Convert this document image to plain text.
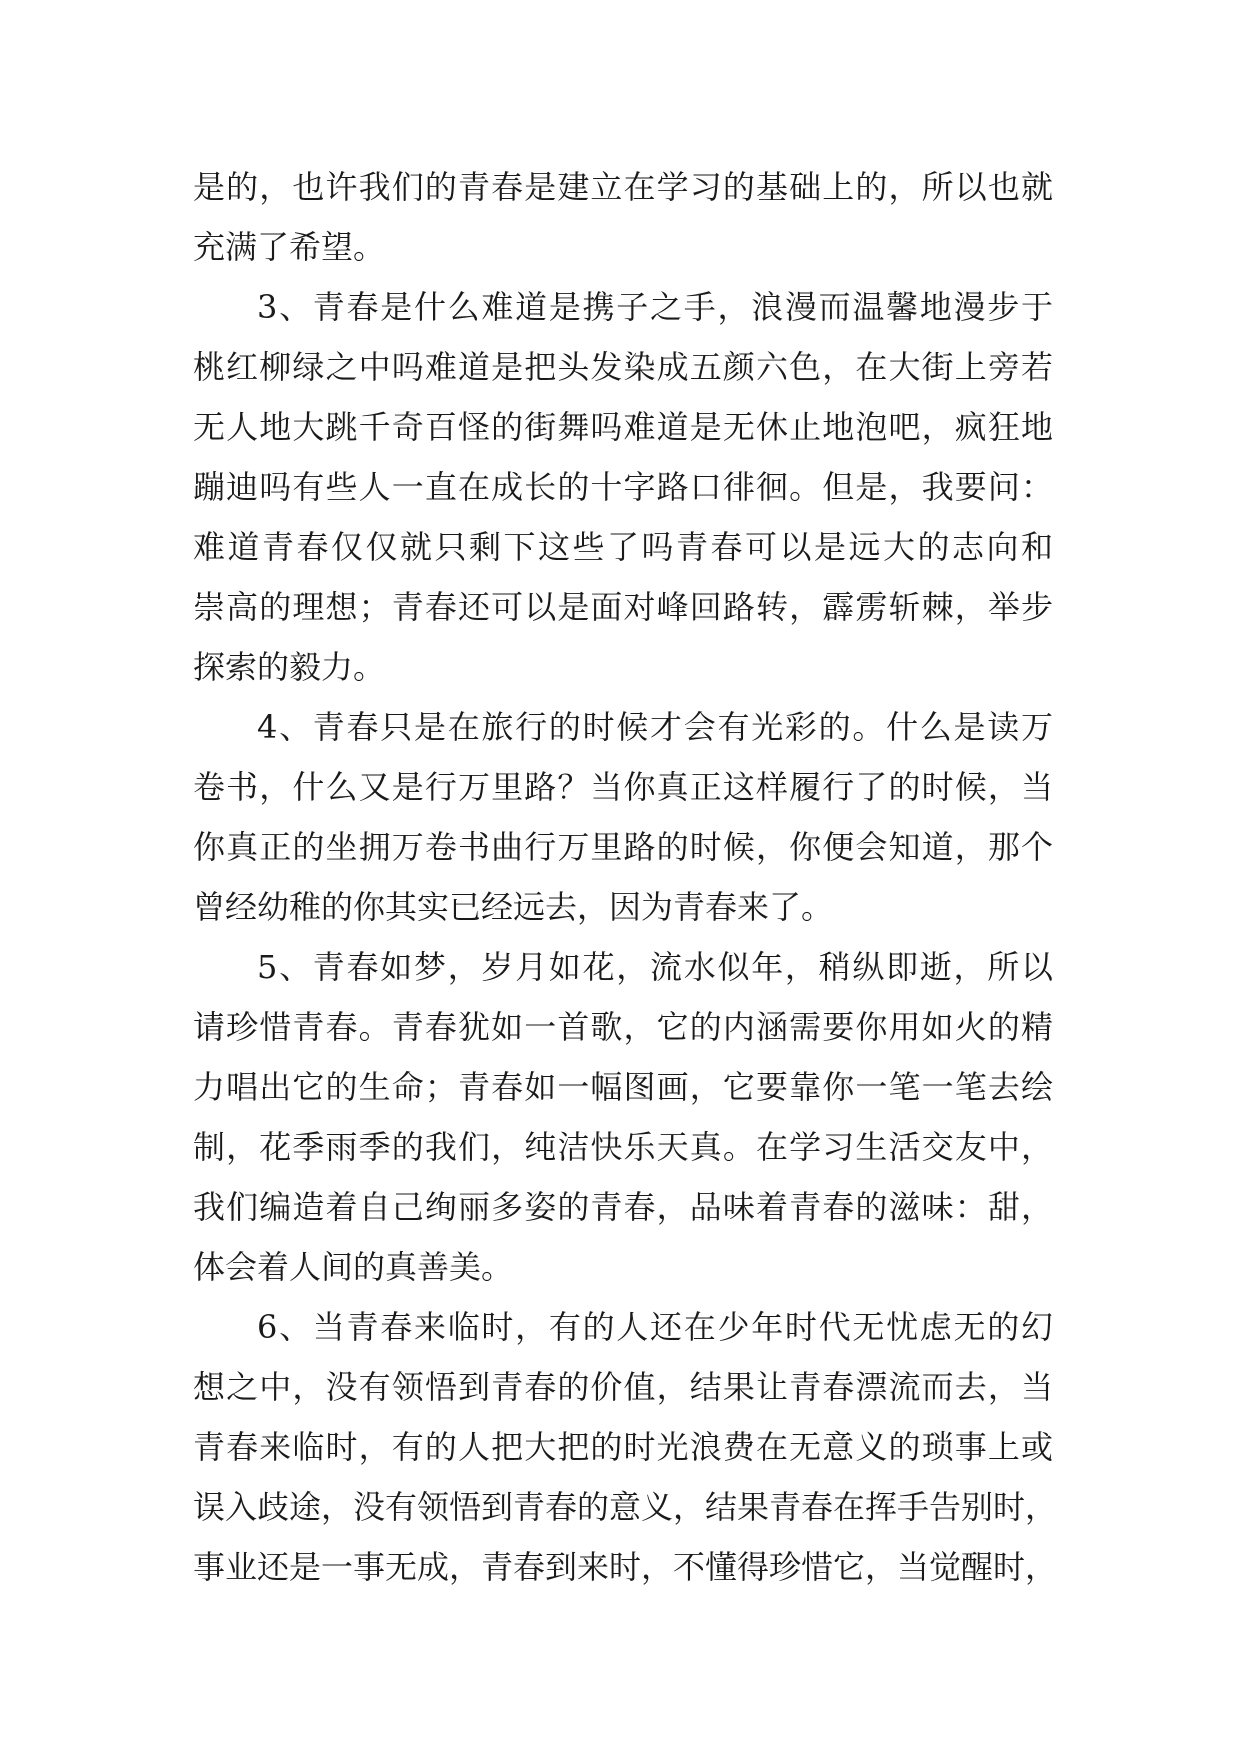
是的，也许我们的青春是建立在学习的基础上的，所以也就
充满了希望。
3、青春是什么难道是携子之手，浪漫而温馨地漫步于
桃红柳绿之中吗难道是把头发染成五颜六色，在大街上旁若
无人地大跳千奇百怪的街舞吗难道是无休止地泡吧，疯狂地
蹦迪吗有些人一直在成长的十字路口徘徊。但是，我要问：
难道青春仅仅就只剩下这些了吗青春可以是远大的志向和
崇高的理想；青春还可以是面对峰回路转，霹雳斩棘，举步
探索的毅力。
4、青春只是在旅行的时候才会有光彩的。什么是读万
卷书，什么又是行万里路？当你真正这样履行了的时候，当
你真正的坐拥万卷书曲行万里路的时候，你便会知道，那个
曾经幼稚的你其实已经远去，因为青春来了。
5、青春如梦，岁月如花，流水似年，稍纵即逝，所以
请珍惜青春。青春犹如一首歌，它的内涵需要你用如火的精
力唱出它的生命；青春如一幅图画，它要靠你一笔一笔去绘
制，花季雨季的我们，纯洁快乐天真。在学习生活交友中，
我们编造着自己绚丽多姿的青春，品味着青春的滋味：甜，
体会着人间的真善美。
6、当青春来临时，有的人还在少年时代无忧虑无的幻
想之中，没有领悟到青春的价值，结果让青春漂流而去，当
青春来临时，有的人把大把的时光浪费在无意义的琐事上或
误入歧途，没有领悟到青春的意义，结果青春在挥手告别时，
事业还是一事无成，青春到来时，不懂得珍惜它，当觉醒时，
